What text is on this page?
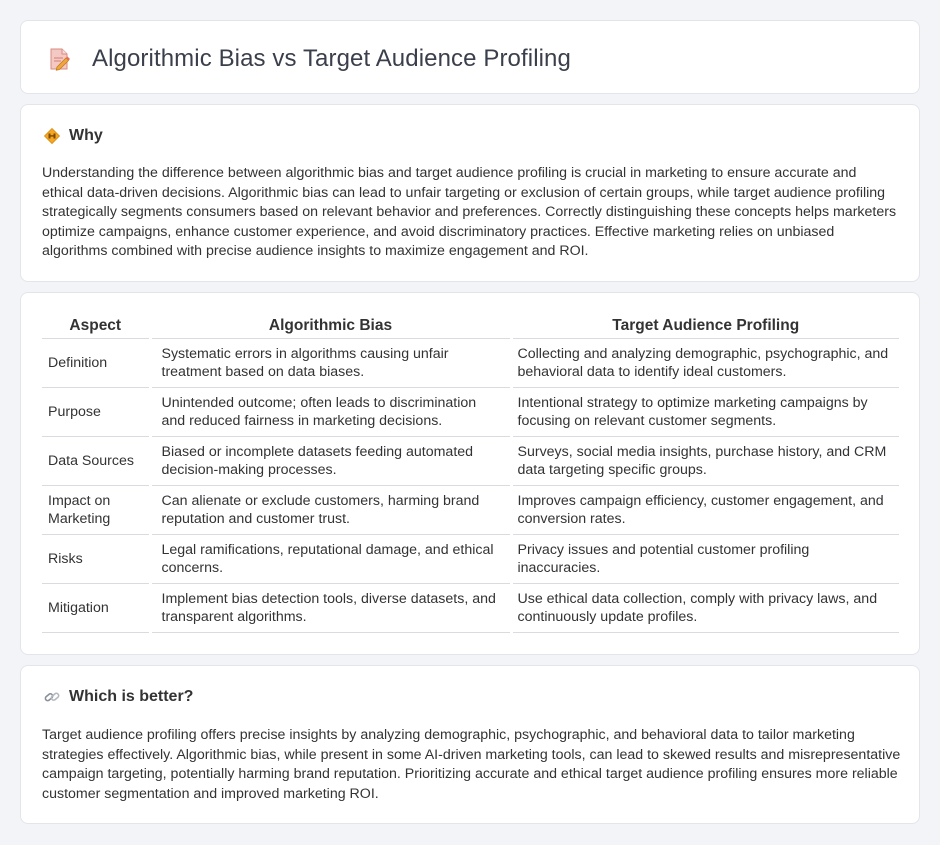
Algorithmic Bias vs Target Audience Profiling
Why

Understanding the difference between algorithmic bias and target audience profiling is crucial in marketing to ensure accurate and ethical data-driven decisions. Algorithmic bias can lead to unfair targeting or exclusion of certain groups, while target audience profiling strategically segments consumers based on relevant behavior and preferences. Correctly distinguishing these concepts helps marketers optimize campaigns, enhance customer experience, and avoid discriminatory practices. Effective marketing relies on unbiased algorithms combined with precise audience insights to maximize engagement and ROI.

Aspect	Algorithmic Bias	Target Audience Profiling
Definition	Systematic errors in algorithms causing unfair treatment based on data biases.	Collecting and analyzing demographic, psychographic, and behavioral data to identify ideal customers.
Purpose	Unintended outcome; often leads to discrimination and reduced fairness in marketing decisions.	Intentional strategy to optimize marketing campaigns by focusing on relevant customer segments.
Data Sources	Biased or incomplete datasets feeding automated decision-making processes.	Surveys, social media insights, purchase history, and CRM data targeting specific groups.
Impact on Marketing	Can alienate or exclude customers, harming brand reputation and customer trust.	Improves campaign efficiency, customer engagement, and conversion rates.
Risks	Legal ramifications, reputational damage, and ethical concerns.	Privacy issues and potential customer profiling inaccuracies.
Mitigation	Implement bias detection tools, diverse datasets, and transparent algorithms.	Use ethical data collection, comply with privacy laws, and continuously update profiles.
Which is better?

Target audience profiling offers precise insights by analyzing demographic, psychographic, and behavioral data to tailor marketing strategies effectively. Algorithmic bias, while present in some AI-driven marketing tools, can lead to skewed results and misrepresentative campaign targeting, potentially harming brand reputation. Prioritizing accurate and ethical target audience profiling ensures more reliable customer segmentation and improved marketing ROI.
